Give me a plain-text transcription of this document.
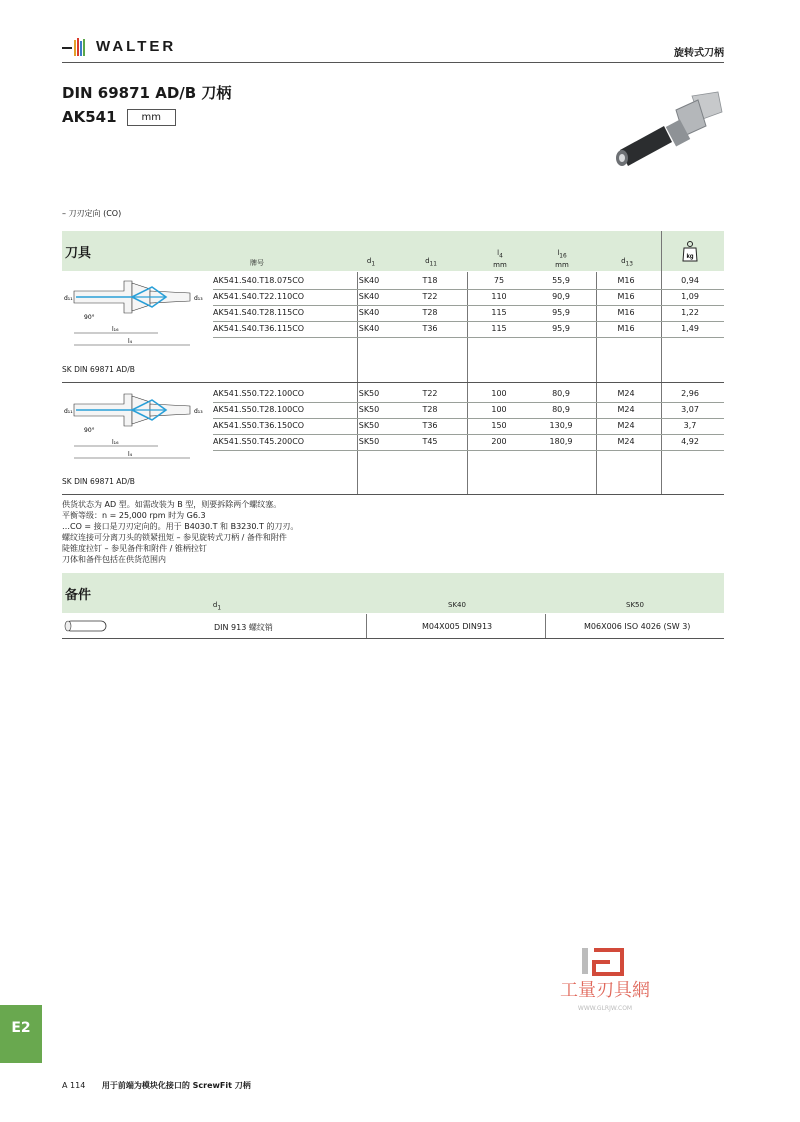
WALTER	旋转式刀柄
DIN 69871 AD/B 刀柄
AK541	mm
– 刀刃定向 (CO)
刀具
牌号	$d_1$	$d_{11}$
$l_4$
mm
$l_{16}$
mm
$d_{13}$
kg
d₁₁	d₁₃
90°
l₁₆
l₄
SK DIN 69871 AD/B
AK541.S40.T18.075CO	SK40	T18	75	55,9	M16	0,94
AK541.S40.T22.110CO	SK40	T22	110	90,9	M16	1,09
AK541.S40.T28.115CO	SK40	T28	115	95,9	M16	1,22
AK541.S40.T36.115CO	SK40	T36	115	95,9	M16	1,49
d₁₁	d₁₃
90°
l₁₆
l₄
SK DIN 69871 AD/B
AK541.S50.T22.100CO	SK50	T22	100	80,9	M24	2,96
AK541.S50.T28.100CO	SK50	T28	100	80,9	M24	3,07
AK541.S50.T36.150CO	SK50	T36	150	130,9	M24	3,7
AK541.S50.T45.200CO	SK50	T45	200	180,9	M24	4,92
供货状态为 AD 型。如需改装为 B 型，则要拆除两个螺纹塞。
平衡等级：n = 25,000 rpm 时为 G6.3
…CO = 接口是刀刃定向的。用于 B4030.T 和 B3230.T 的刀刃。
螺纹连接可分离刀头的锁紧扭矩 – 参见旋转式刀柄 / 备件和附件
陡锥度拉钉 – 参见备件和附件 / 锥柄拉钉
刀体和备件包括在供货范围内
备件
$d_1$	SK40	SK50
DIN 913 螺纹销	M04X005 DIN913	M06X006 ISO 4026 (SW 3)
工量刃具網
WWW.GLRJW.COM
E2
A 114 用于前端为模块化接口的 ScrewFit 刀柄
